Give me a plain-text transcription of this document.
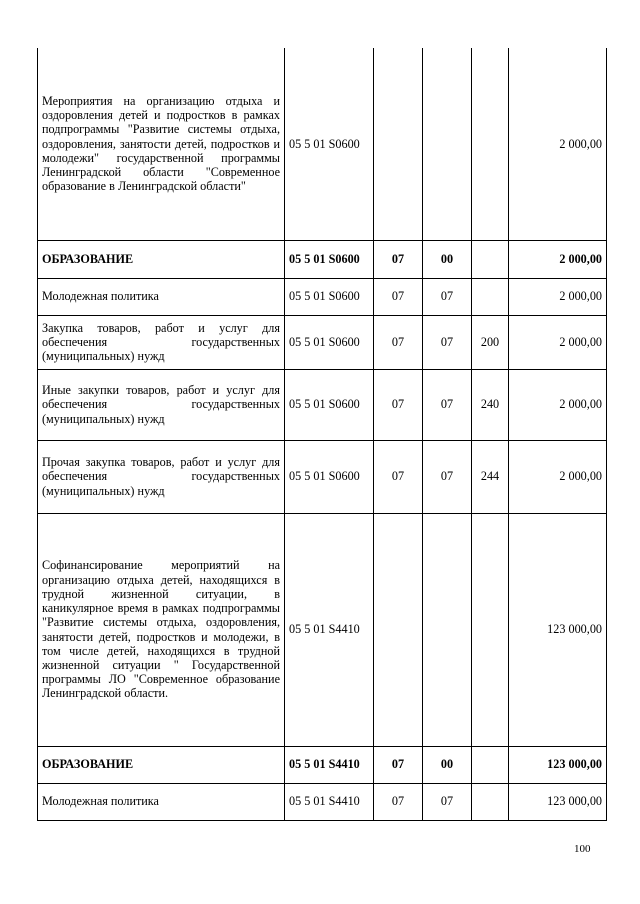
Мероприятия на организацию отдыха и оздоровления детей и подростков в рамках подпрограммы "Развитие системы отдыха, оздоровления, занятости детей, подростков и молодежи" государственной программы Ленинградской области "Современное образование в Ленинградской области"	05 5 01 S0600				2 000,00
ОБРАЗОВАНИЕ	05 5 01 S0600	07	00		2 000,00
Молодежная политика	05 5 01 S0600	07	07		2 000,00
Закупка товаров, работ и услуг для обеспечения государственных (муниципальных) нужд	05 5 01 S0600	07	07	200	2 000,00
Иные закупки товаров, работ и услуг для обеспечения государственных (муниципальных) нужд	05 5 01 S0600	07	07	240	2 000,00
Прочая закупка товаров, работ и услуг для обеспечения государственных (муниципальных) нужд	05 5 01 S0600	07	07	244	2 000,00
Софинансирование мероприятий на организацию отдыха детей, находящихся в трудной жизненной ситуации, в каникулярное время в рамках подпрограммы "Развитие системы отдыха, оздоровления, занятости детей, подростков и молодежи, в том числе детей, находящихся в трудной жизненной ситуации " Государственной программы ЛО "Современное образование Ленинградской области.	05 5 01 S4410				123 000,00
ОБРАЗОВАНИЕ	05 5 01 S4410	07	00		123 000,00
Молодежная политика	05 5 01 S4410	07	07		123 000,00
100
